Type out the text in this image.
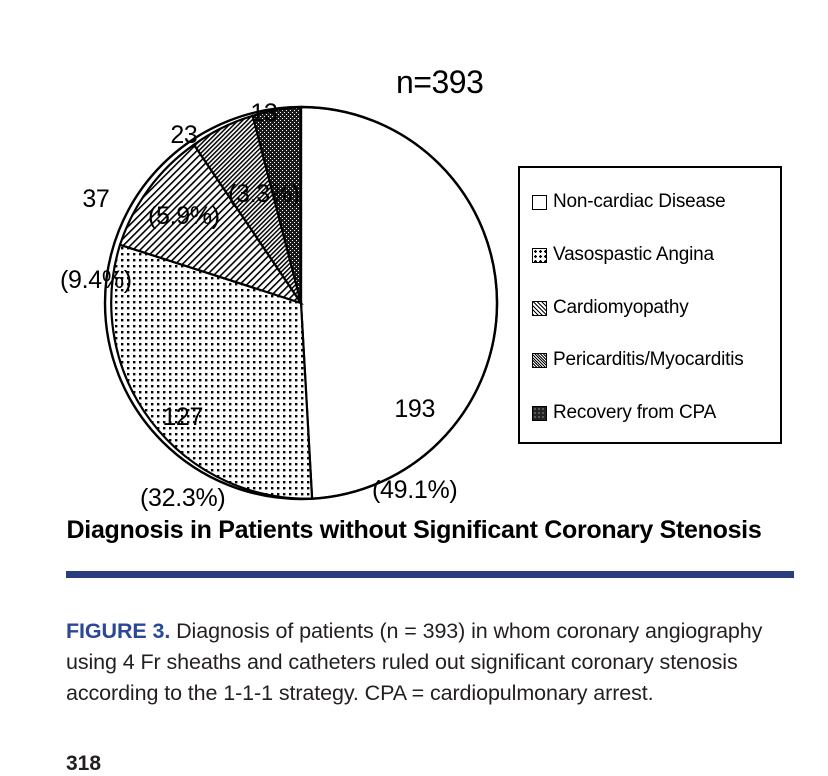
n=393

193

(49.1%)

127

(32.3%)

37

(9.4%)

23

(5.9%)

13

(3.3%)

	Non-cardiac Disease
Vasospastic Angina
Cardiomyopathy
Pericarditis/Myocarditis
Recovery from CPA
Diagnosis in Patients without Significant Coronary Stenosis

FIGURE 3. Diagnosis of patients (n = 393) in whom coronary angiography using 4 Fr sheaths and catheters ruled out significant coronary stenosis according to the 1-1-1 strategy. CPA = cardiopulmonary arrest.

318
